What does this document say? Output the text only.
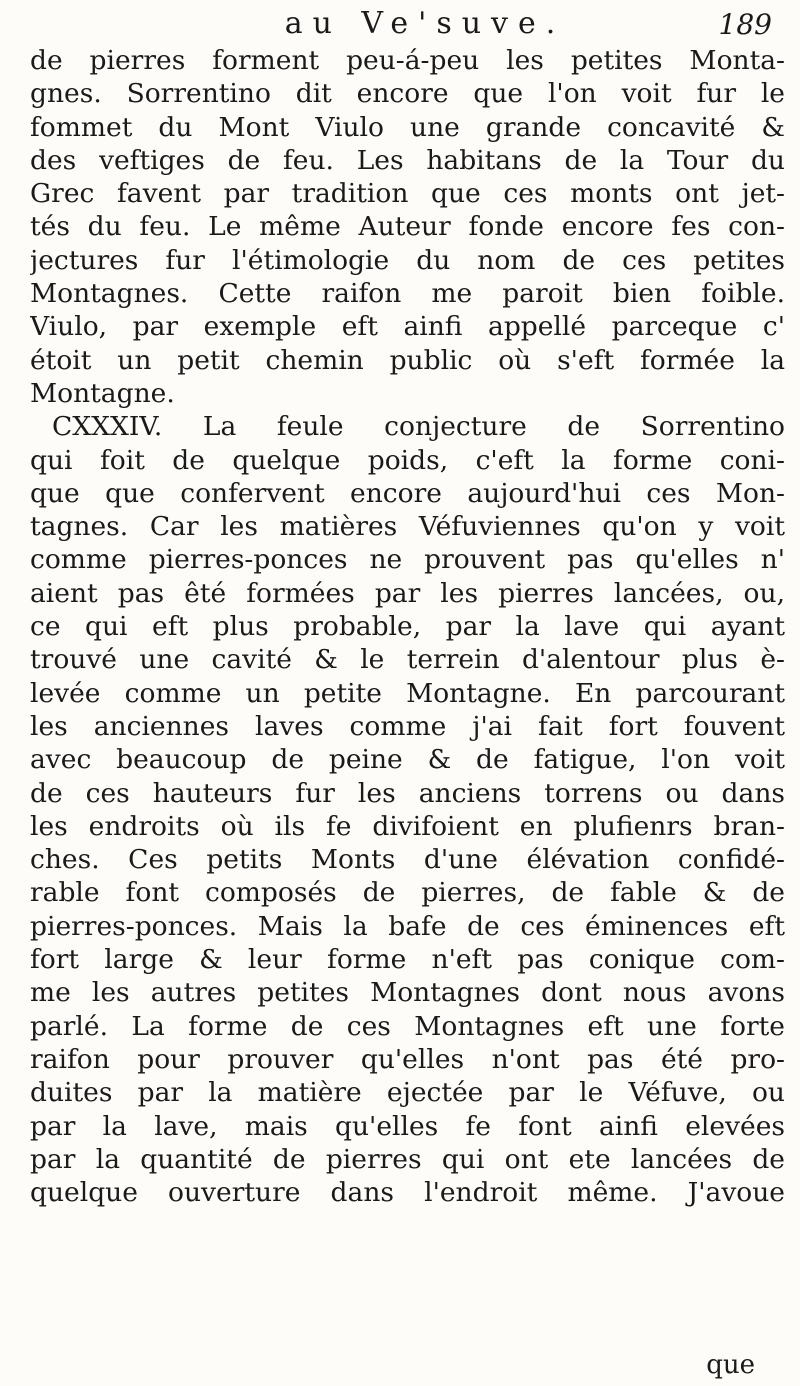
au Ve'suve.	189
de pierres forment peu-á-peu les petites Monta-
gnes. Sorrentino dit encore que l'on voit fur le
fommet du Mont Viulo une grande concavité &
des veftiges de feu. Les habitans de la Tour du
Grec favent par tradition que ces monts ont jet-
tés du feu. Le même Auteur fonde encore fes con-
jectures fur l'étimologie du nom de ces petites
Montagnes. Cette raifon me paroit bien foible.
Viulo, par exemple eft ainfi appellé parceque c'
étoit un petit chemin public où s'eft formée la
Montagne.
CXXXIV. La feule conjecture de Sorrentino
qui foit de quelque poids, c'eft la forme coni-
que que confervent encore aujourd'hui ces Mon-
tagnes. Car les matières Véfuviennes qu'on y voit
comme pierres-ponces ne prouvent pas qu'elles n'
aient pas êté formées par les pierres lancées, ou,
ce qui eft plus probable, par la lave qui ayant
trouvé une cavité & le terrein d'alentour plus è-
levée comme un petite Montagne. En parcourant
les anciennes laves comme j'ai fait fort fouvent
avec beaucoup de peine & de fatigue, l'on voit
de ces hauteurs fur les anciens torrens ou dans
les endroits où ils fe divifoient en plufienrs bran-
ches. Ces petits Monts d'une élévation confidé-
rable font composés de pierres, de fable & de
pierres-ponces. Mais la bafe de ces éminences eft
fort large & leur forme n'eft pas conique com-
me les autres petites Montagnes dont nous avons
parlé. La forme de ces Montagnes eft une forte
raifon pour prouver qu'elles n'ont pas été pro-
duites par la matière ejectée par le Véfuve, ou
par la lave, mais qu'elles fe font ainfi elevées
par la quantité de pierres qui ont ete lancées de
quelque ouverture dans l'endroit même. J'avoue
que
